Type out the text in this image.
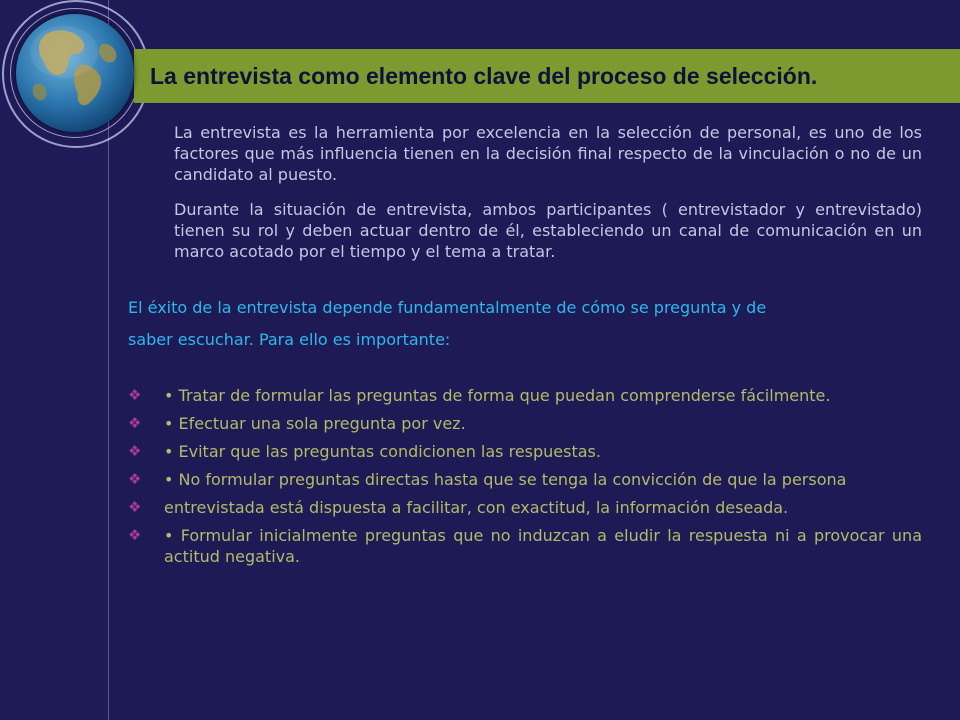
La entrevista como elemento clave del proceso de selección.

La entrevista es la herramienta por excelencia en la selección de personal, es uno de los factores que más influencia tienen en la decisión final respecto de la vinculación o no de un candidato al puesto.

Durante la situación de entrevista, ambos participantes ( entrevistador y entrevistado) tienen su rol y deben actuar dentro de él, estableciendo un canal de comunicación en un marco acotado por el tiempo y el tema a tratar.

El éxito de la entrevista depende fundamentalmente de cómo se pregunta y de

saber escuchar. Para ello es importante:

❖	• Tratar de formular las preguntas de forma que puedan comprenderse fácilmente.
❖	• Efectuar una sola pregunta por vez.
❖	• Evitar que las preguntas condicionen las respuestas.
❖	• No formular preguntas directas hasta que se tenga la convicción de que la persona
❖	entrevistada está dispuesta a facilitar, con exactitud, la información deseada.
❖	• Formular inicialmente preguntas que no induzcan a eludir la respuesta ni a provocar una actitud negativa.
